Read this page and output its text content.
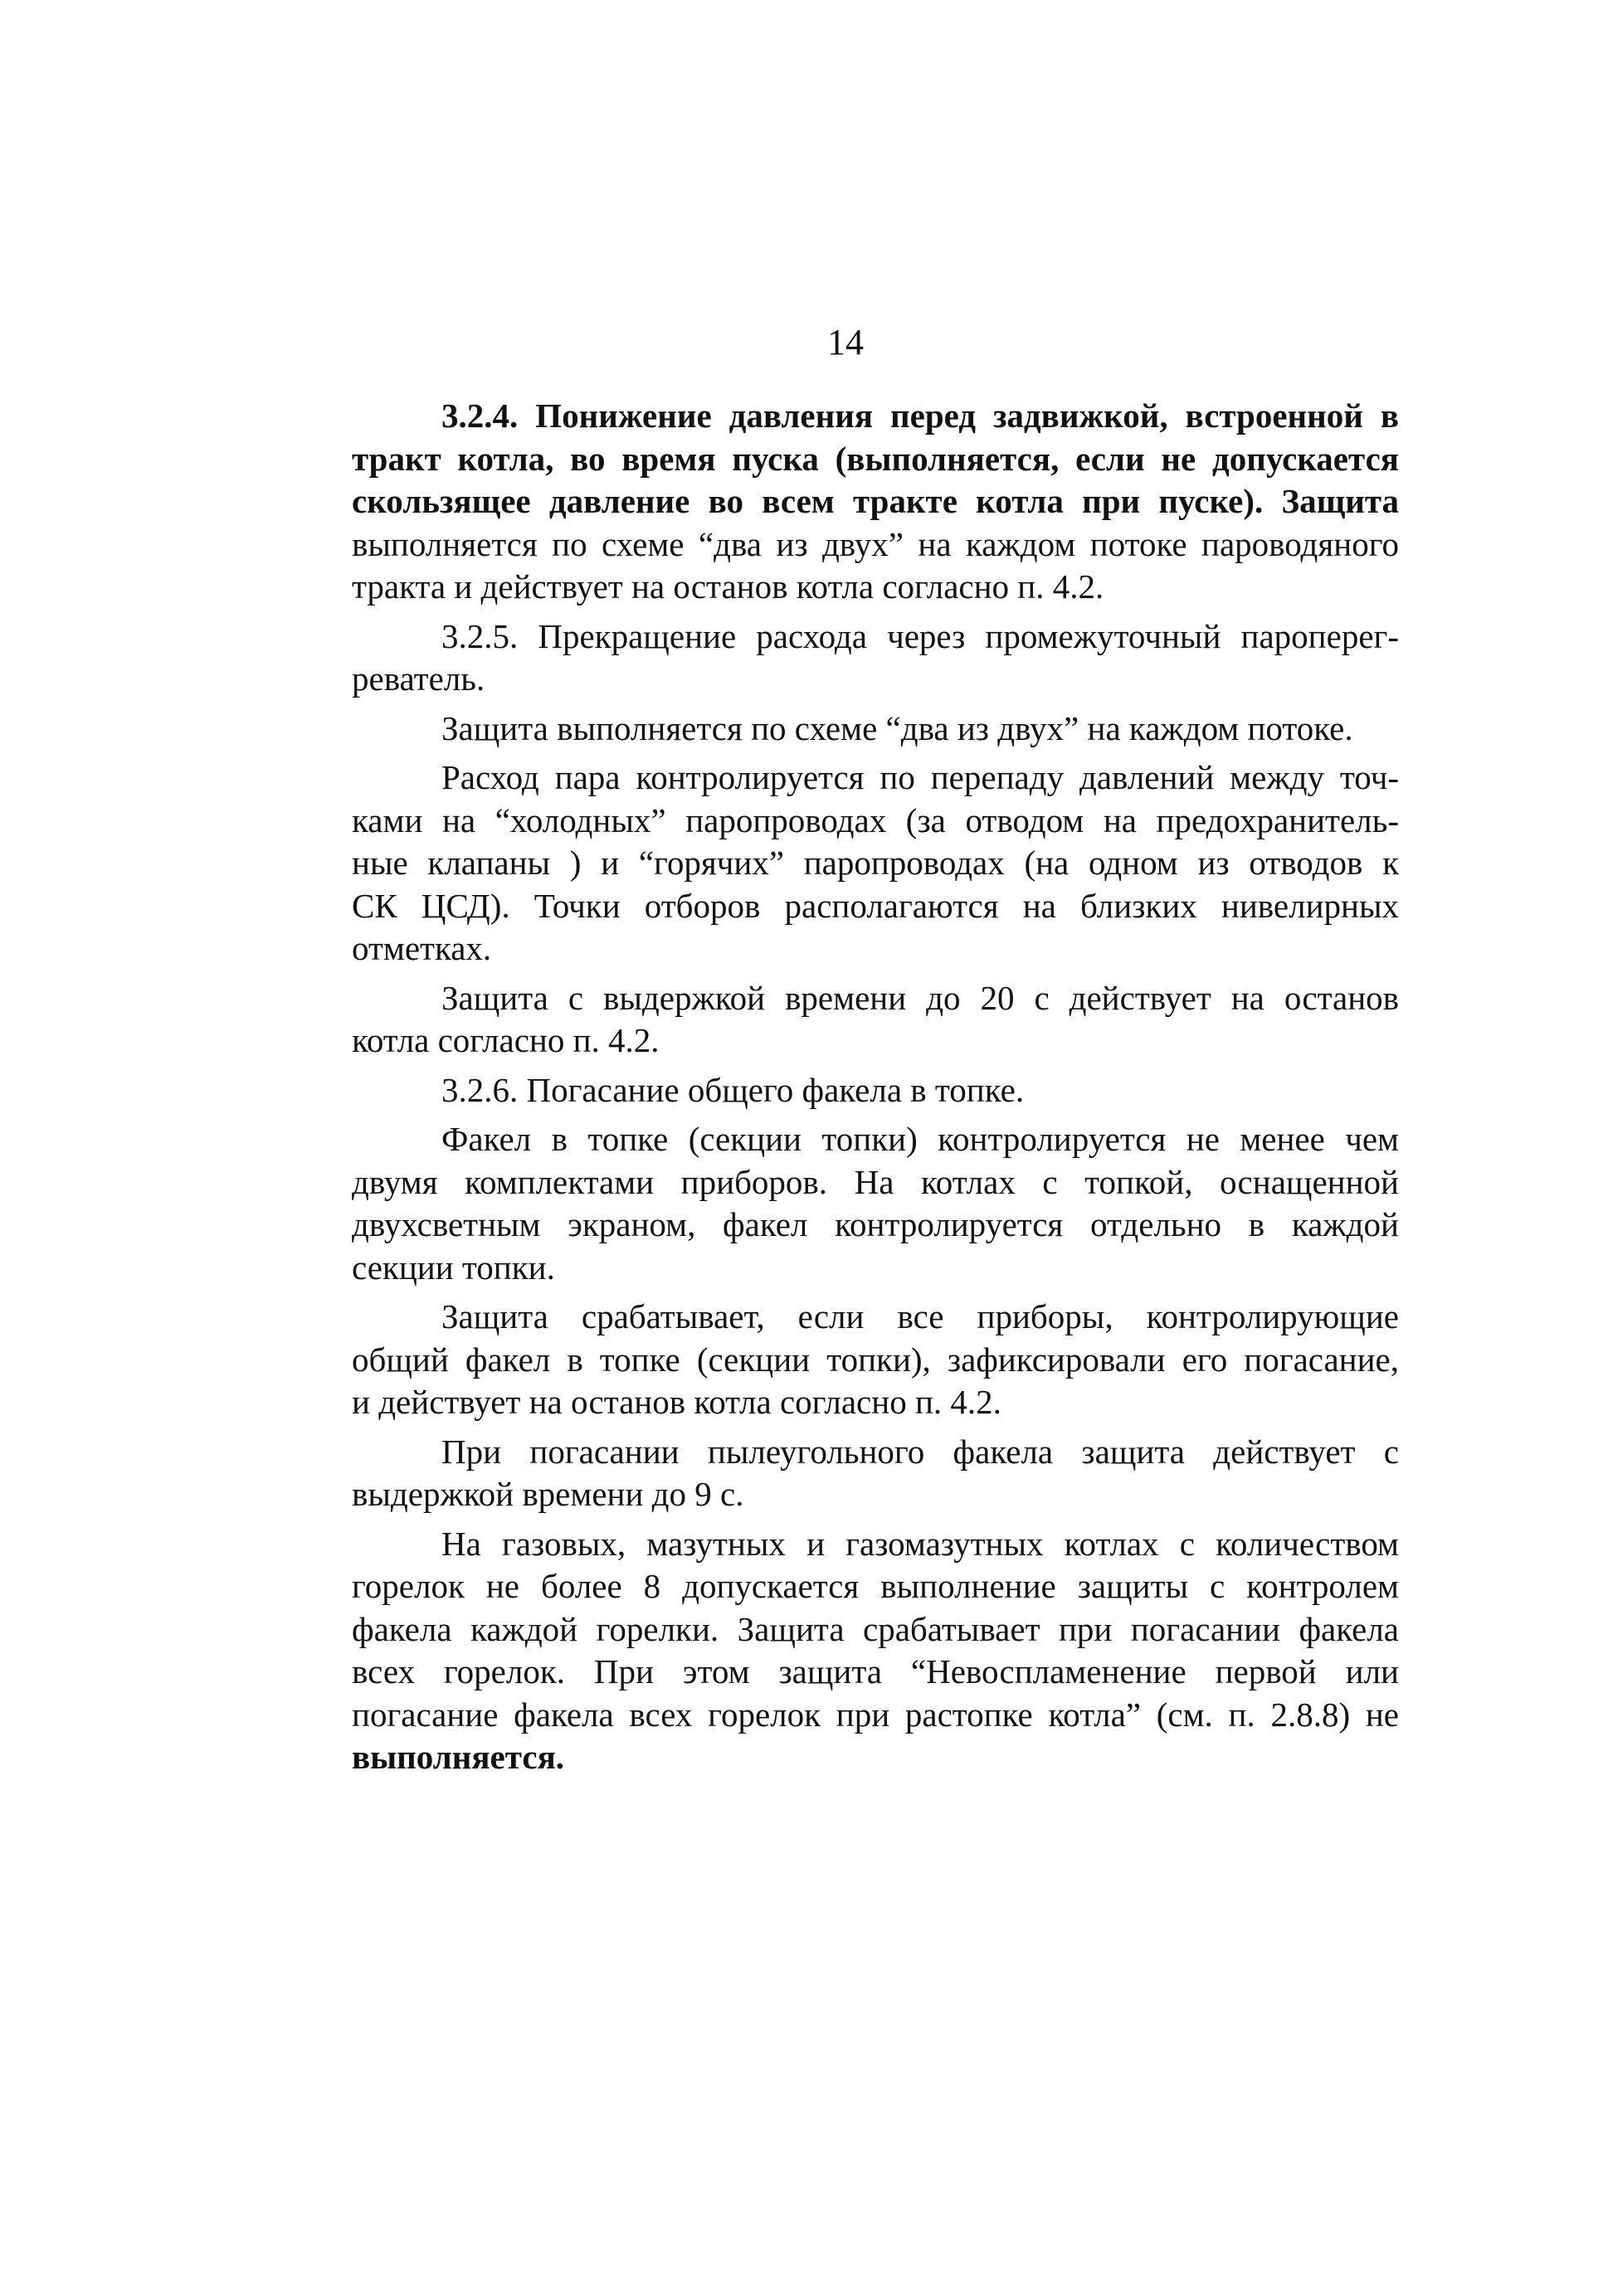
14
3.2.4. Понижение давления перед задвижкой, встроенной в
тракт котла, во время пуска (выполняется, если не допускается
скользящее давление во всем тракте котла при пуске). Защита
выполняется по схеме “два из двух” на каждом потоке пароводяного
тракта и действует на останов котла согласно п. 4.2.
3.2.5. Прекращение расхода через промежуточный пароперег-
реватель.
Защита выполняется по схеме “два из двух” на каждом потоке.
Расход пара контролируется по перепаду давлений между точ-
ками на “холодных” паропроводах (за отводом на предохранитель-
ные клапаны ) и “горячих” паропроводах (на одном из отводов к
СК ЦСД). Точки отборов располагаются на близких нивелирных
отметках.
Защита с выдержкой времени до 20 с действует на останов
котла согласно п. 4.2.
3.2.6. Погасание общего факела в топке.
Факел в топке (секции топки) контролируется не менее чем
двумя комплектами приборов. На котлах с топкой, оснащенной
двухсветным экраном, факел контролируется отдельно в каждой
секции топки.
Защита срабатывает, если все приборы, контролирующие
общий факел в топке (секции топки), зафиксировали его погасание,
и действует на останов котла согласно п. 4.2.
При погасании пылеугольного факела защита действует с
выдержкой времени до 9 с.
На газовых, мазутных и газомазутных котлах с количеством
горелок не более 8 допускается выполнение защиты с контролем
факела каждой горелки. Защита срабатывает при погасании факела
всех горелок. При этом защита “Невоспламенение первой или
погасание факела всех горелок при растопке котла” (см. п. 2.8.8) не
выполняется.
